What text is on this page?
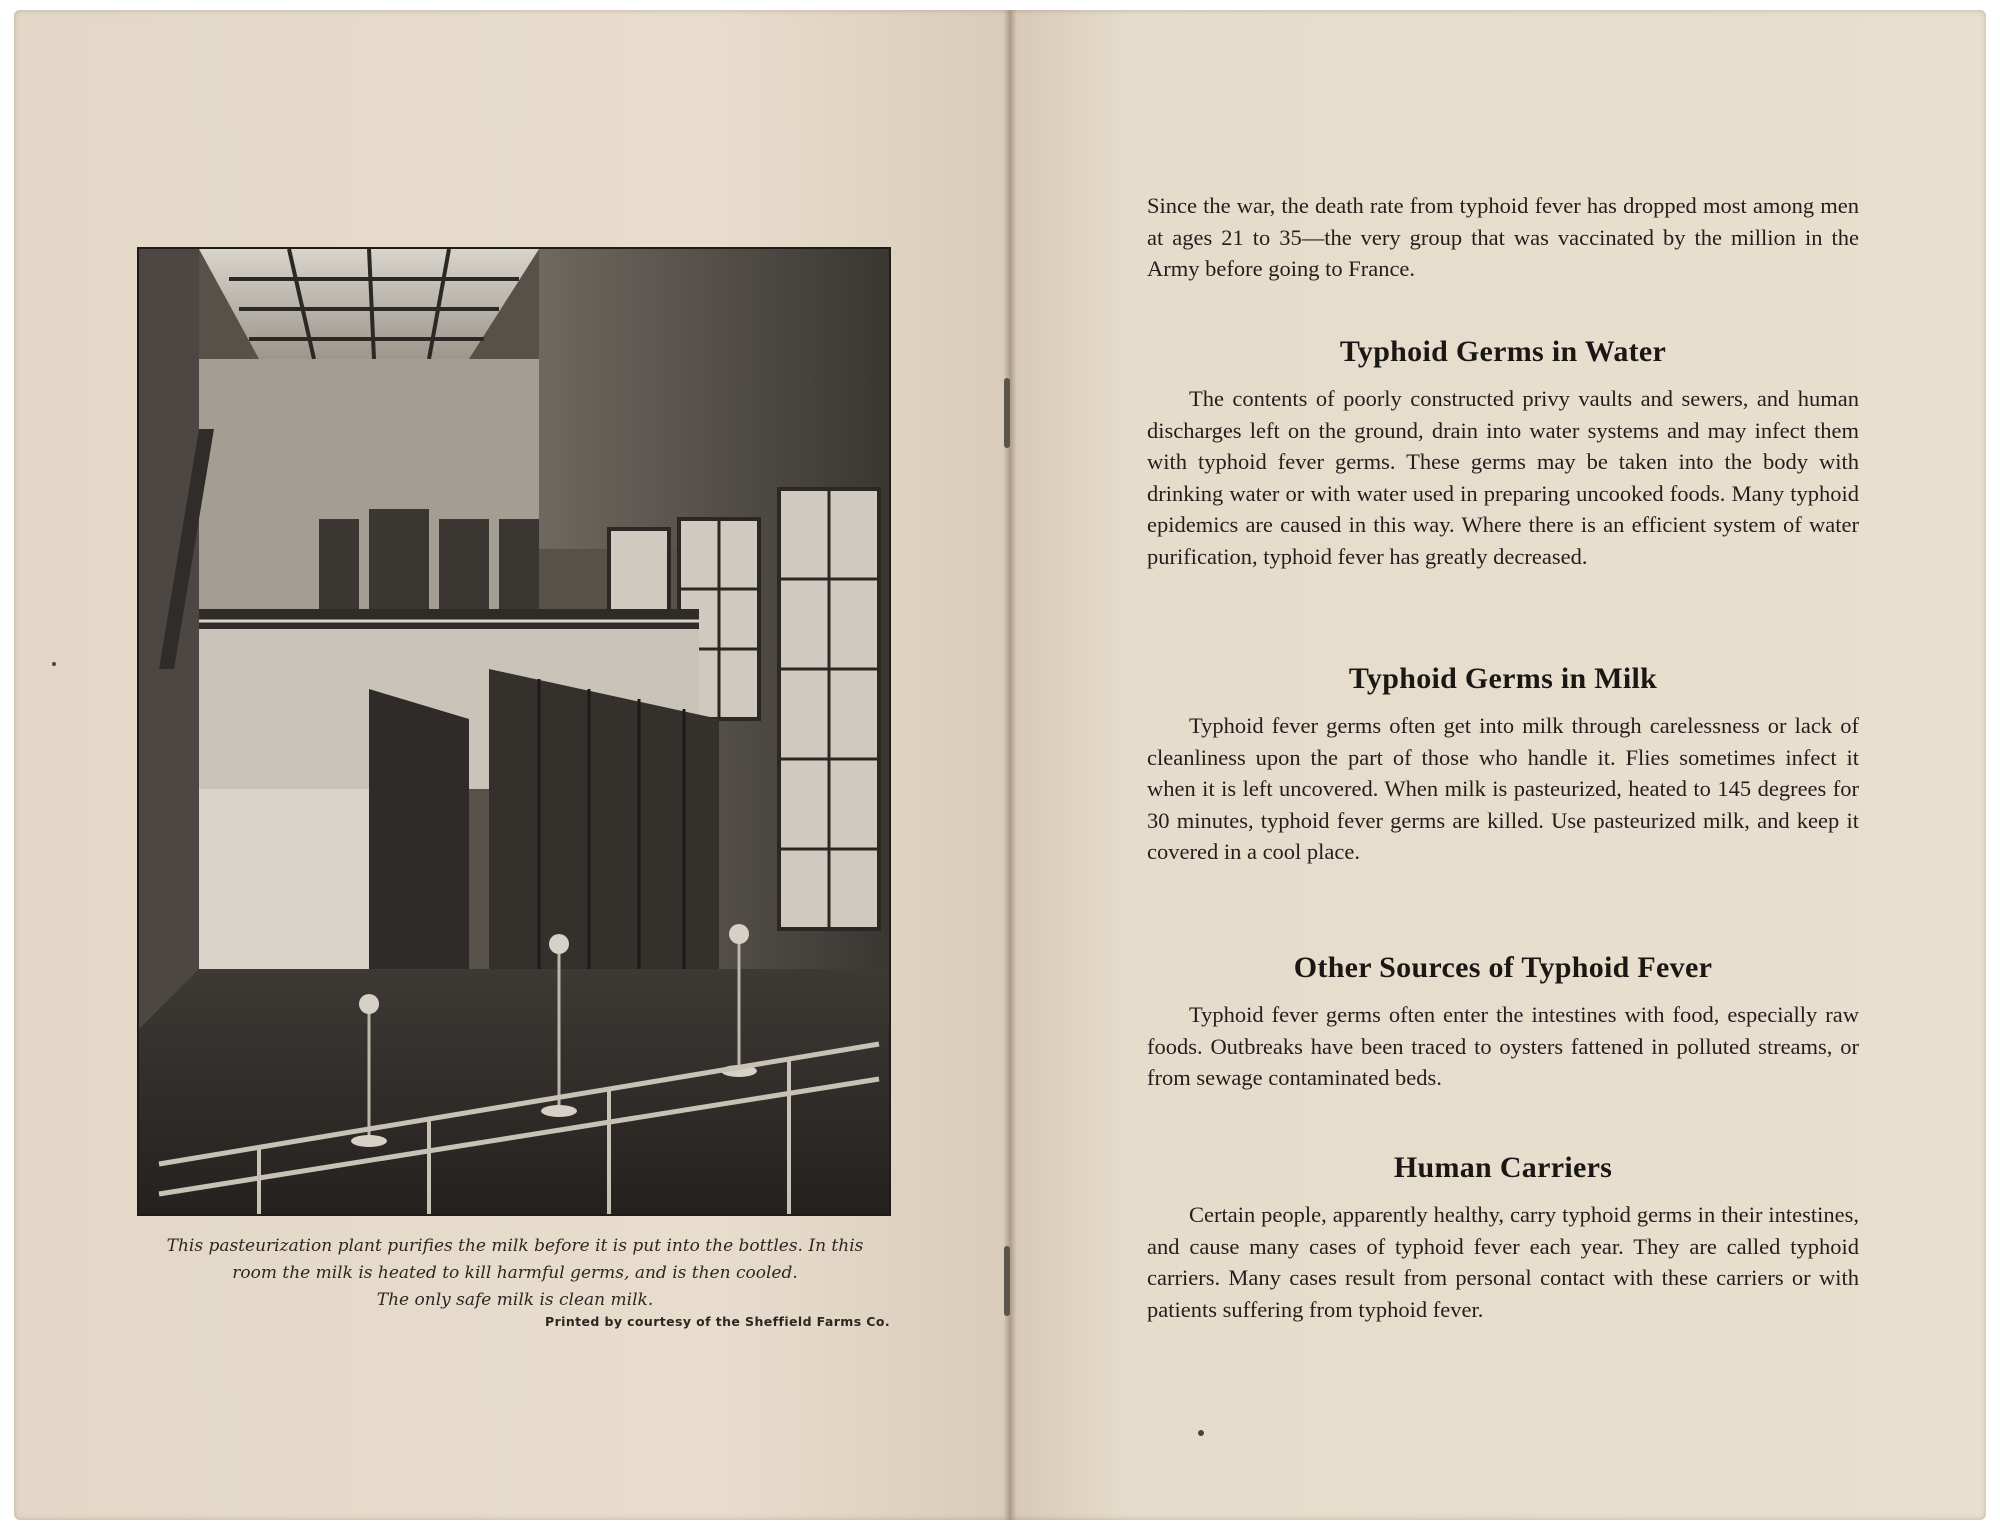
This pasteurization plant purifies the milk before it is put into the bottles. In this
room the milk is heated to kill harmful germs, and is then cooled.
The only safe milk is clean milk.
Printed by courtesy of the Sheffield Farms Co.

Since the war, the death rate from typhoid fever has dropped most among men at ages 21 to 35—the very group that was vaccinated by the million in the Army before going to France.

Typhoid Germs in Water

The contents of poorly constructed privy vaults and sewers, and human discharges left on the ground, drain into water systems and may infect them with typhoid fever germs. These germs may be taken into the body with drinking water or with water used in preparing uncooked foods. Many typhoid epidemics are caused in this way. Where there is an efficient system of water purification, typhoid fever has greatly decreased.

Typhoid Germs in Milk

Typhoid fever germs often get into milk through carelessness or lack of cleanliness upon the part of those who handle it. Flies sometimes infect it when it is left uncovered. When milk is pasteurized, heated to 145 degrees for 30 minutes, typhoid fever germs are killed. Use pasteurized milk, and keep it covered in a cool place.

Other Sources of Typhoid Fever

Typhoid fever germs often enter the intestines with food, especially raw foods. Outbreaks have been traced to oysters fattened in polluted streams, or from sewage contaminated beds.

Human Carriers

Certain people, apparently healthy, carry typhoid germs in their intestines, and cause many cases of typhoid fever each year. They are called typhoid carriers. Many cases result from personal contact with these carriers or with patients suffering from typhoid fever.
